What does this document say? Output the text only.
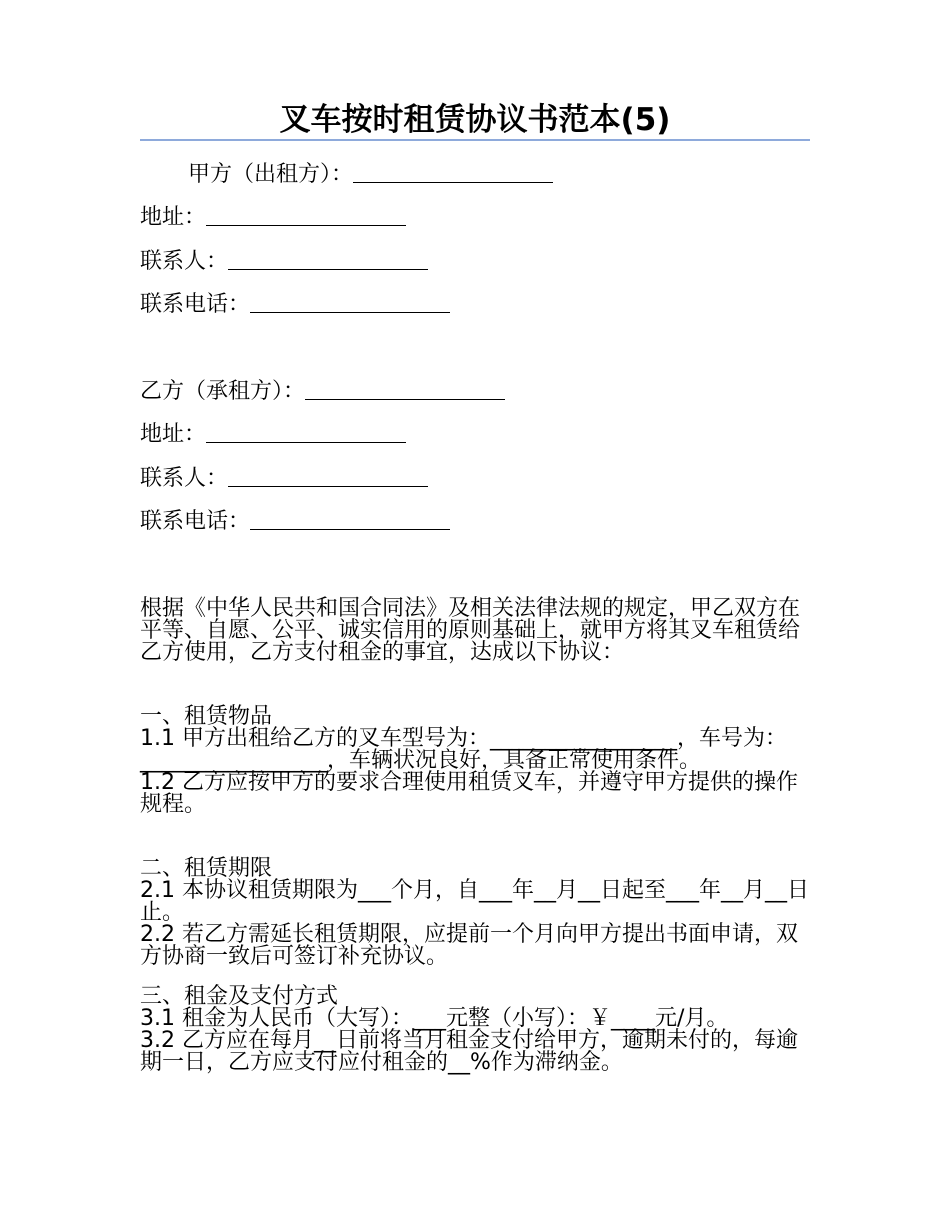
叉车按时租赁协议书范本(5)
甲方（出租方）：
地址：
联系人：
联系电话：
乙方（承租方）：
地址：
联系人：
联系电话：

根据《中华人民共和国合同法》及相关法律法规的规定，甲乙双方在平等、自愿、公平、诚实信用的原则基础上，就甲方将其叉车租赁给乙方使用，乙方支付租金的事宜，达成以下协议：

一、租赁物品

1.1 甲方出租给乙方的叉车型号为：_________________，车号为：_________________，车辆状况良好，具备正常使用条件。

1.2 乙方应按甲方的要求合理使用租赁叉车，并遵守甲方提供的操作规程。

二、租赁期限

2.1 本协议租赁期限为___个月，自___年__月__日起至___年__月__日止。

2.2 若乙方需延长租赁期限，应提前一个月向甲方提出书面申请，双方协商一致后可签订补充协议。

三、租金及支付方式

3.1 租金为人民币（大写）：___元整（小写）：￥____元/月。

3.2 乙方应在每月__日前将当月租金支付给甲方，逾期未付的，每逾期一日，乙方应支付应付租金的__%作为滞纳金。
